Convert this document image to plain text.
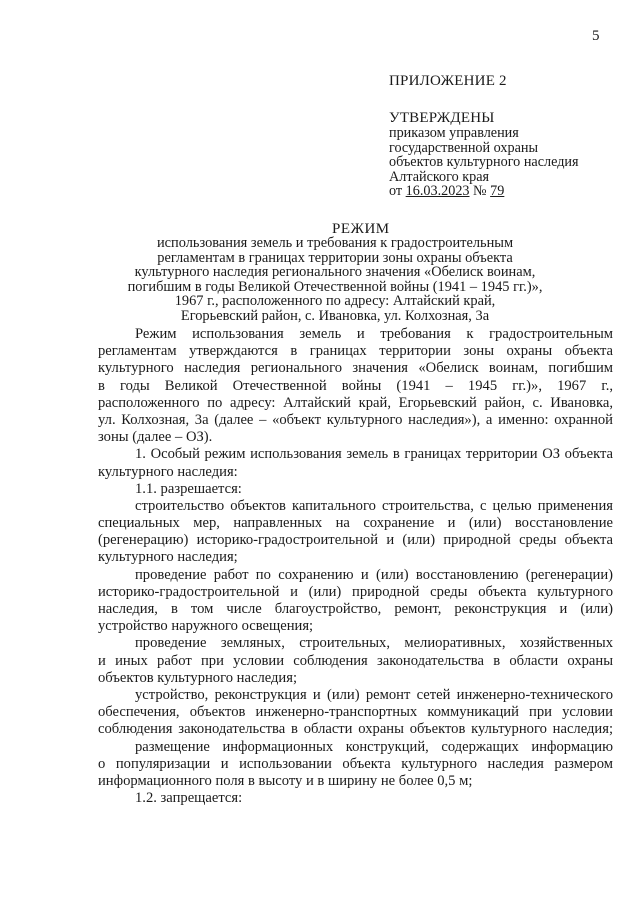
5
ПРИЛОЖЕНИЕ 2
УТВЕРЖДЕНЫ
приказом управления
государственной охраны
объектов культурного наследия
Алтайского края
от 16.03.2023 № 79
РЕЖИМ
использования земель и требования к градостроительным
регламентам в границах территории зоны охраны объекта
культурного наследия регионального значения «Обелиск воинам,
погибшим в годы Великой Отечественной войны (1941 – 1945 гг.)»,
1967 г., расположенного по адресу: Алтайский край,
Егорьевский район, с. Ивановка, ул. Колхозная, 3а
Режим использования земель и требования к градостроительным
регламентам утверждаются в границах территории зоны охраны объекта
культурного наследия регионального значения «Обелиск воинам, погибшим
в годы Великой Отечественной войны (1941 – 1945 гг.)», 1967 г.,
расположенного по адресу: Алтайский край, Егорьевский район, с. Ивановка,
ул. Колхозная, 3а (далее – «объект культурного наследия»), а именно: охранной
зоны (далее – ОЗ).
1. Особый режим использования земель в границах территории ОЗ объекта
культурного наследия:
1.1. разрешается:
строительство объектов капитального строительства, с целью применения
специальных мер, направленных на сохранение и (или) восстановление
(регенерацию) историко-градостроительной и (или) природной среды объекта
культурного наследия;
проведение работ по сохранению и (или) восстановлению (регенерации)
историко-градостроительной и (или) природной среды объекта культурного
наследия, в том числе благоустройство, ремонт, реконструкция и (или)
устройство наружного освещения;
проведение земляных, строительных, мелиоративных, хозяйственных
и иных работ при условии соблюдения законодательства в области охраны
объектов культурного наследия;
устройство, реконструкция и (или) ремонт сетей инженерно-технического
обеспечения, объектов инженерно-транспортных коммуникаций при условии
соблюдения законодательства в области охраны объектов культурного наследия;
размещение информационных конструкций, содержащих информацию
о популяризации и использовании объекта культурного наследия размером
информационного поля в высоту и в ширину не более 0,5 м;
1.2. запрещается:
